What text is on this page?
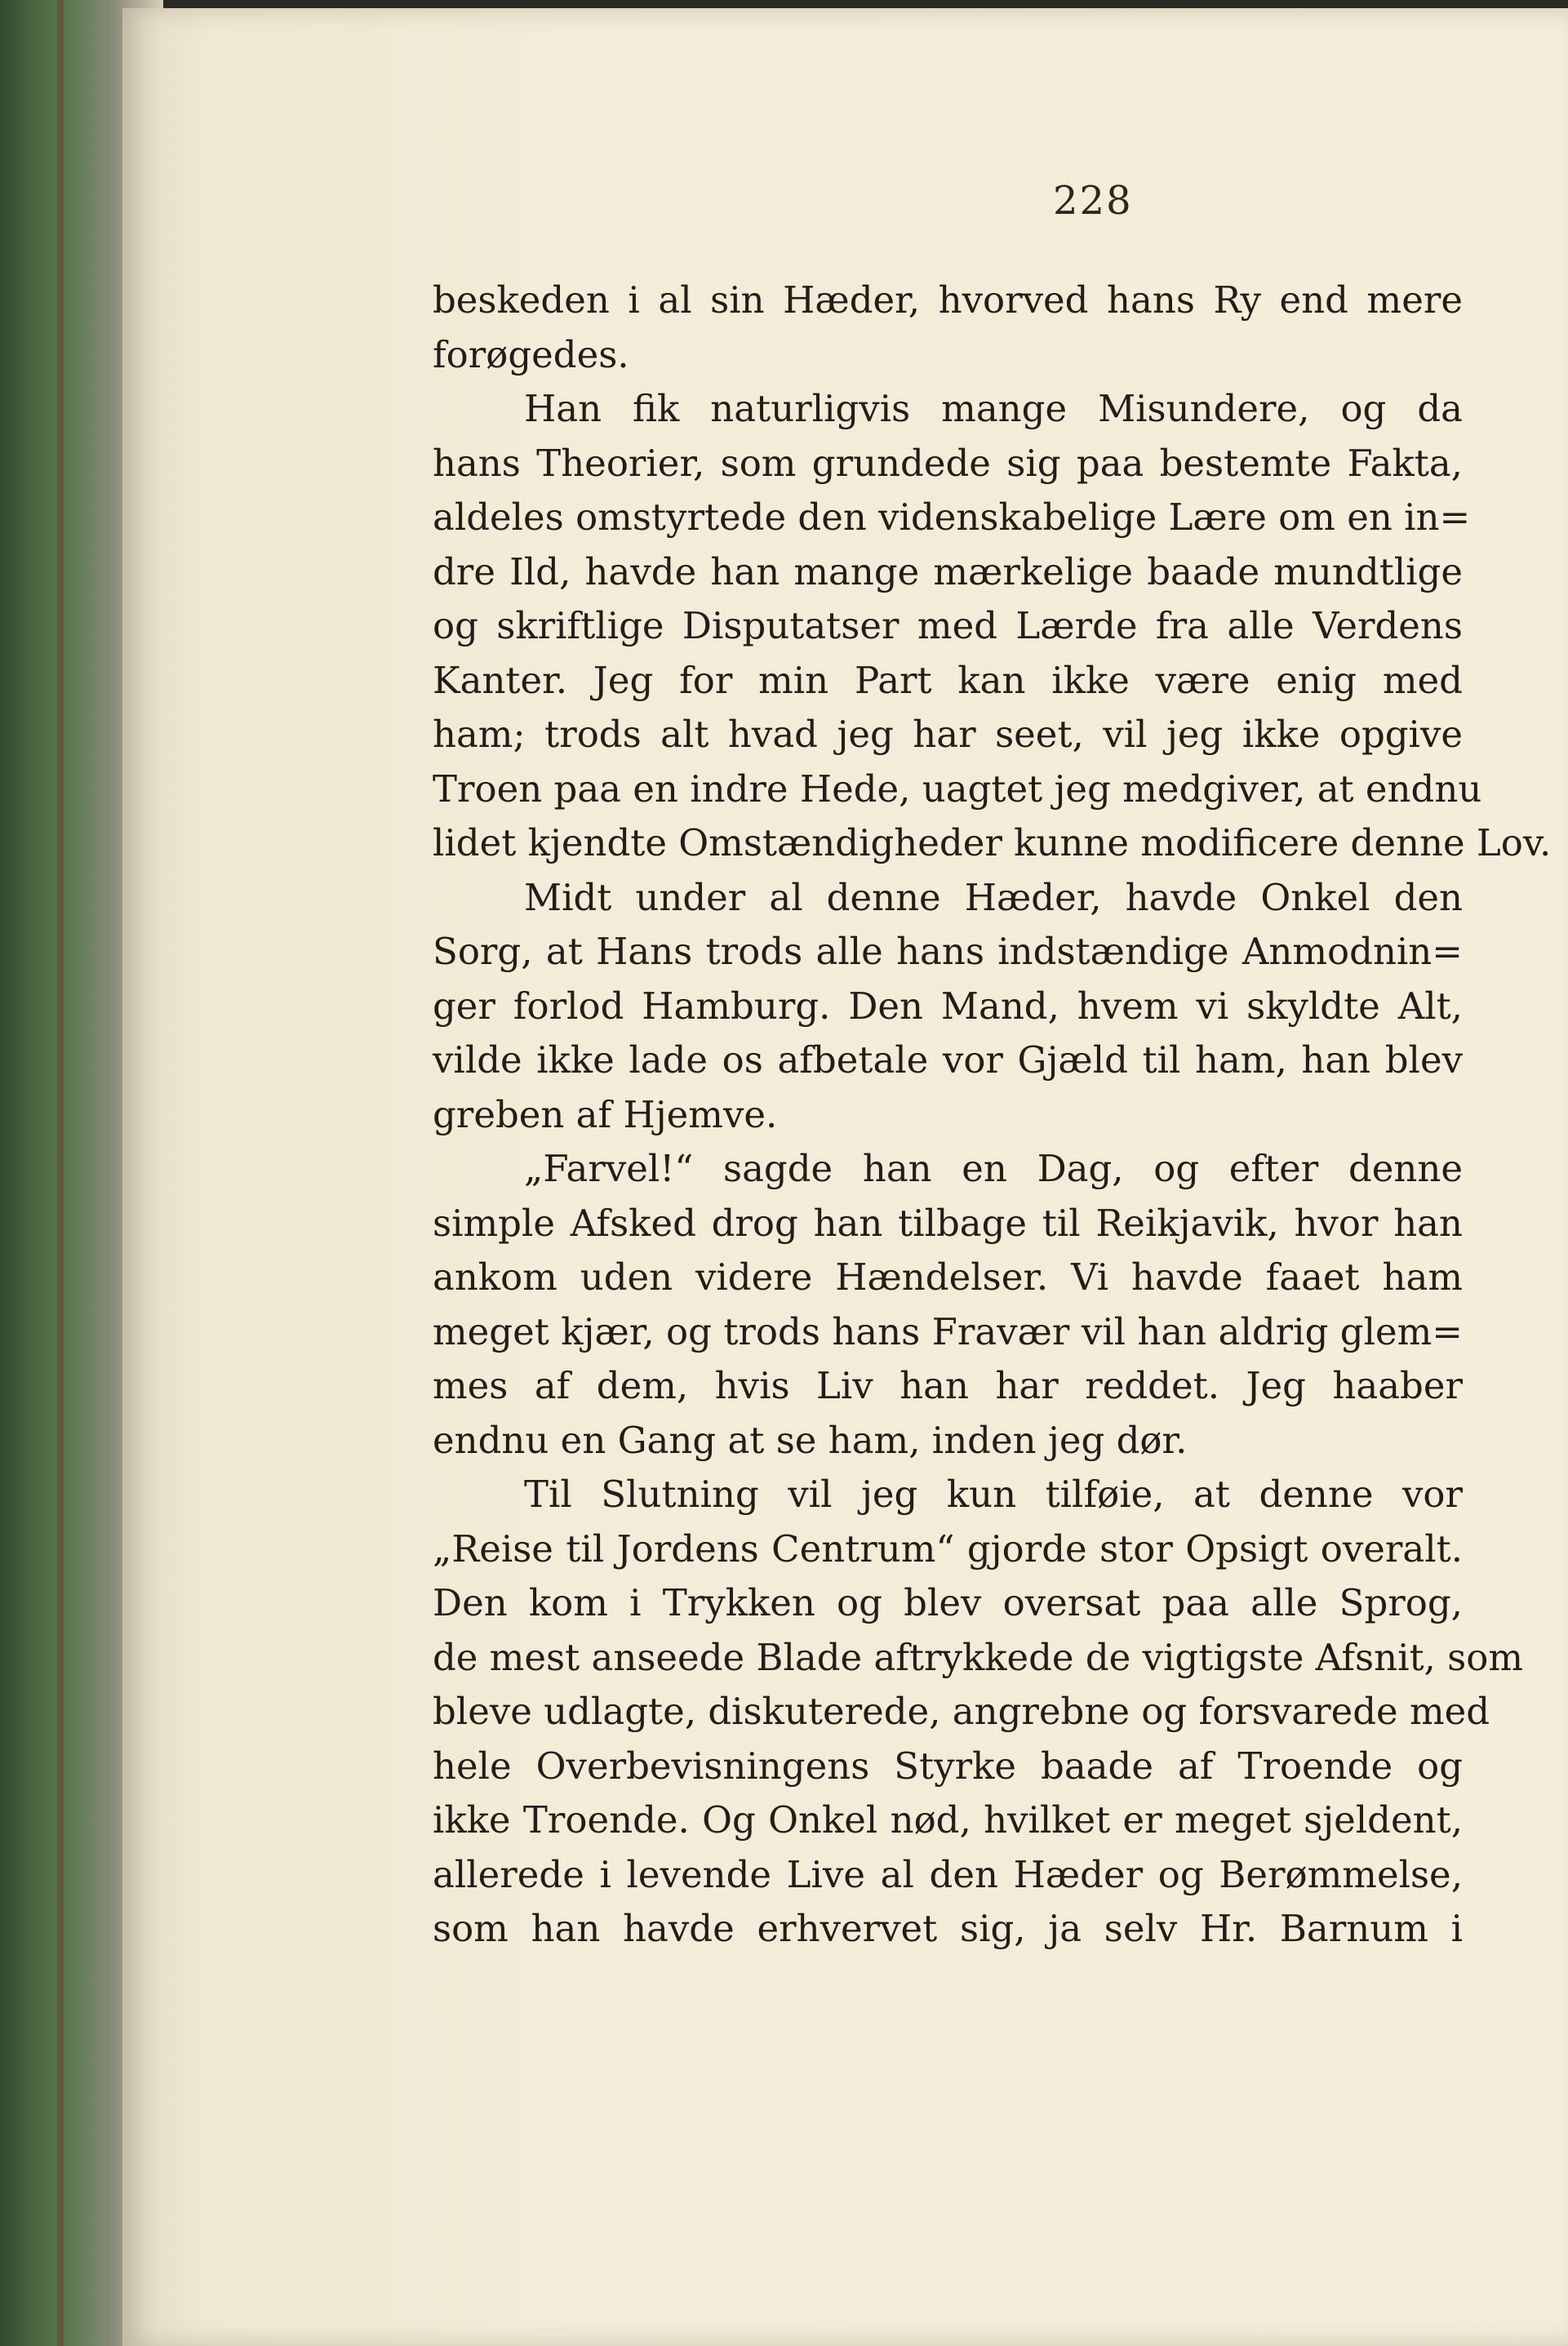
228
beskeden i al sin Hæder, hvorved hans Ry end mere
forøgedes.
Han fik naturligvis mange Misundere, og da
hans Theorier, som grundede sig paa bestemte Fakta,
aldeles omstyrtede den videnskabelige Lære om en in=
dre Ild, havde han mange mærkelige baade mundtlige
og skriftlige Disputatser med Lærde fra alle Verdens
Kanter. Jeg for min Part kan ikke være enig med
ham; trods alt hvad jeg har seet, vil jeg ikke opgive
Troen paa en indre Hede, uagtet jeg medgiver, at endnu
lidet kjendte Omstændigheder kunne modificere denne Lov.
Midt under al denne Hæder, havde Onkel den
Sorg, at Hans trods alle hans indstændige Anmodnin=
ger forlod Hamburg. Den Mand, hvem vi skyldte Alt,
vilde ikke lade os afbetale vor Gjæld til ham, han blev
greben af Hjemve.
„Farvel!“ sagde han en Dag, og efter denne
simple Afsked drog han tilbage til Reikjavik, hvor han
ankom uden videre Hændelser. Vi havde faaet ham
meget kjær, og trods hans Fravær vil han aldrig glem=
mes af dem, hvis Liv han har reddet. Jeg haaber
endnu en Gang at se ham, inden jeg dør.
Til Slutning vil jeg kun tilføie, at denne vor
„Reise til Jordens Centrum“ gjorde stor Opsigt overalt.
Den kom i Trykken og blev oversat paa alle Sprog,
de mest anseede Blade aftrykkede de vigtigste Afsnit, som
bleve udlagte, diskuterede, angrebne og forsvarede med
hele Overbevisningens Styrke baade af Troende og
ikke Troende. Og Onkel nød, hvilket er meget sjeldent,
allerede i levende Live al den Hæder og Berømmelse,
som han havde erhvervet sig, ja selv Hr. Barnum i
